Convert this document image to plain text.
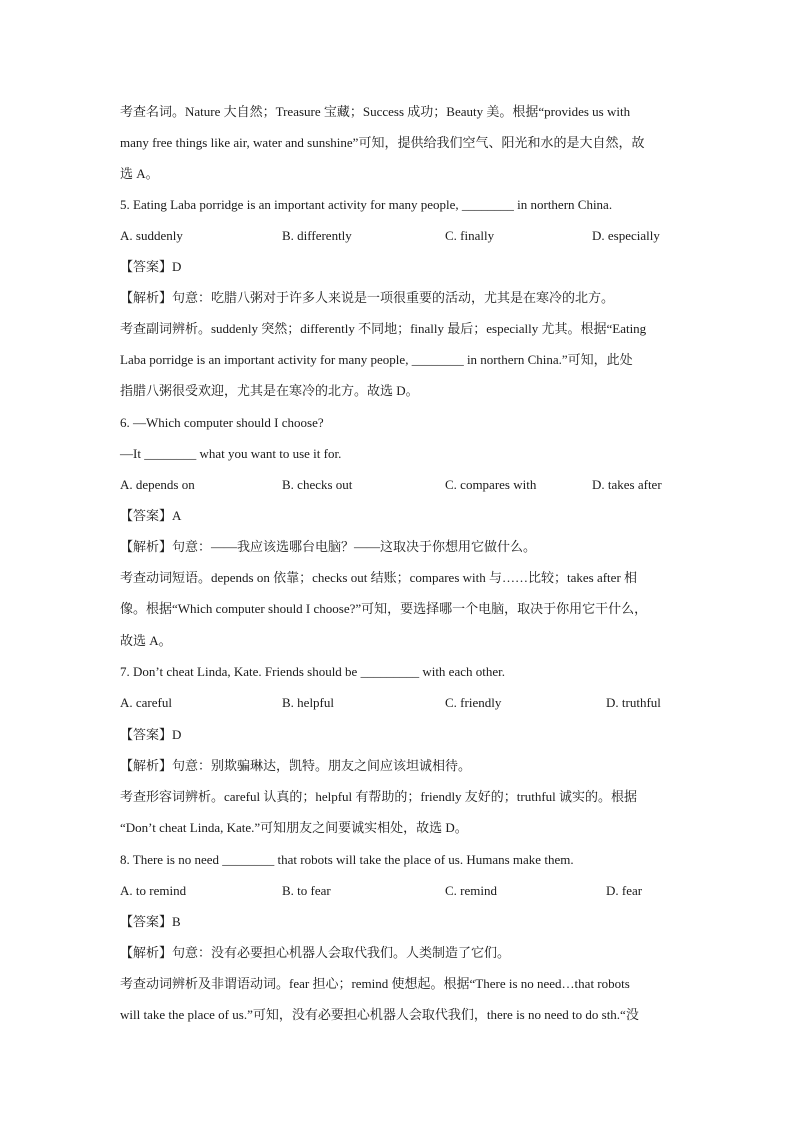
考查名词。Nature 大自然；Treasure 宝藏；Success 成功；Beauty 美。根据“provides us with
many free things like air, water and sunshine”可知，提供给我们空气、阳光和水的是大自然，故
选 A。
5. Eating Laba porridge is an important activity for many people, ________ in northern China.
A. suddenly	B. differently	C. finally	D. especially
【答案】D
【解析】句意：吃腊八粥对于许多人来说是一项很重要的活动，尤其是在寒冷的北方。
考查副词辨析。suddenly 突然；differently 不同地；finally 最后；especially 尤其。根据“Eating
Laba porridge is an important activity for many people, ________ in northern China.”可知，此处
指腊八粥很受欢迎，尤其是在寒冷的北方。故选 D。
6. —Which computer should I choose?
—It ________ what you want to use it for.
A. depends on	B. checks out	C. compares with	D. takes after
【答案】A
【解析】句意：——我应该选哪台电脑？——这取决于你想用它做什么。
考查动词短语。depends on 依靠；checks out 结账；compares with 与……比较；takes after 相
像。根据“Which computer should I choose?”可知，要选择哪一个电脑，取决于你用它干什么，
故选 A。
7. Don’t cheat Linda, Kate. Friends should be _________ with each other.
A. careful	B. helpful	C. friendly	D. truthful
【答案】D
【解析】句意：别欺骗琳达，凯特。朋友之间应该坦诚相待。
考查形容词辨析。careful 认真的；helpful 有帮助的；friendly 友好的；truthful 诚实的。根据
“Don’t cheat Linda, Kate.”可知朋友之间要诚实相处，故选 D。
8. There is no need ________ that robots will take the place of us. Humans make them.
A. to remind	B. to fear	C. remind	D. fear
【答案】B
【解析】句意：没有必要担心机器人会取代我们。人类制造了它们。
考查动词辨析及非谓语动词。fear 担心；remind 使想起。根据“There is no need…that robots
will take the place of us.”可知，没有必要担心机器人会取代我们，there is no need to do sth.“没
